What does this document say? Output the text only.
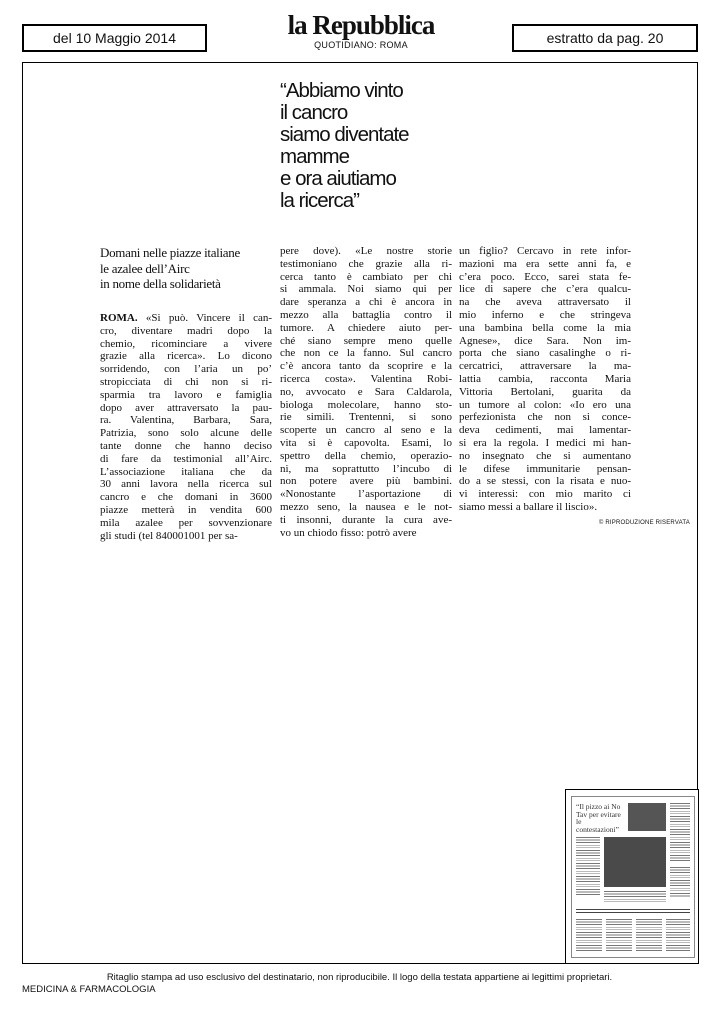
del 10 Maggio 2014	la Repubblica
QUOTIDIANO: ROMA	estratto da pag. 20
“Abbiamo vinto
il cancro
siamo diventate
mamme
e ora aiutiamo
la ricerca”
Domani nelle piazze italiane
le azalee dell’Airc
in nome della solidarietà
ROMA. «Si può. Vincere il can-
cro, diventare madri dopo la
chemio, ricominciare a vivere
grazie alla ricerca». Lo dicono
sorridendo, con l’aria un po’
stropicciata di chi non si ri-
sparmia tra lavoro e famiglia
dopo aver attraversato la pau-
ra. Valentina, Barbara, Sara,
Patrizia, sono solo alcune delle
tante donne che hanno deciso
di fare da testimonial all’Airc.
L’associazione italiana che da
30 anni lavora nella ricerca sul
cancro e che domani in 3600
piazze metterà in vendita 600
mila azalee per sovvenzionare
gli studi (tel 840001001 per sa-
pere dove). «Le nostre storie
testimoniano che grazie alla ri-
cerca tanto è cambiato per chi
si ammala. Noi siamo qui per
dare speranza a chi è ancora in
mezzo alla battaglia contro il
tumore. A chiedere aiuto per-
ché siano sempre meno quelle
che non ce la fanno. Sul cancro
c’è ancora tanto da scoprire e la
ricerca costa». Valentina Robi-
no, avvocato e Sara Caldarola,
biologa molecolare, hanno sto-
rie simili. Trentenni, si sono
scoperte un cancro al seno e la
vita si è capovolta. Esami, lo
spettro della chemio, operazio-
ni, ma soprattutto l’incubo di
non potere avere più bambini.
«Nonostante l’asportazione di
mezzo seno, la nausea e le not-
ti insonni, durante la cura ave-
vo un chiodo fisso: potrò avere
un figlio? Cercavo in rete infor-
mazioni ma era sette anni fa, e
c’era poco. Ecco, sarei stata fe-
lice di sapere che c’era qualcu-
na che aveva attraversato il
mio inferno e che stringeva
una bambina bella come la mia
Agnese», dice Sara. Non im-
porta che siano casalinghe o ri-
cercatrici, attraversare la ma-
lattia cambia, racconta Maria
Vittoria Bertolani, guarita da
un tumore al colon: «Io ero una
perfezionista che non si conce-
deva cedimenti, mai lamentar-
si era la regola. I medici mi han-
no insegnato che si aumentano
le difese immunitarie pensan-
do a se stessi, con la risata e nuo-
vi interessi: con mio marito ci
siamo messi a ballare il liscio».
© RIPRODUZIONE RISERVATA
“Il pizzo ai No Tav per evitare le contestazioni”
Ritaglio stampa ad uso esclusivo del destinatario, non riproducibile. Il logo della testata appartiene ai legittimi proprietari.
MEDICINA & FARMACOLOGIA
